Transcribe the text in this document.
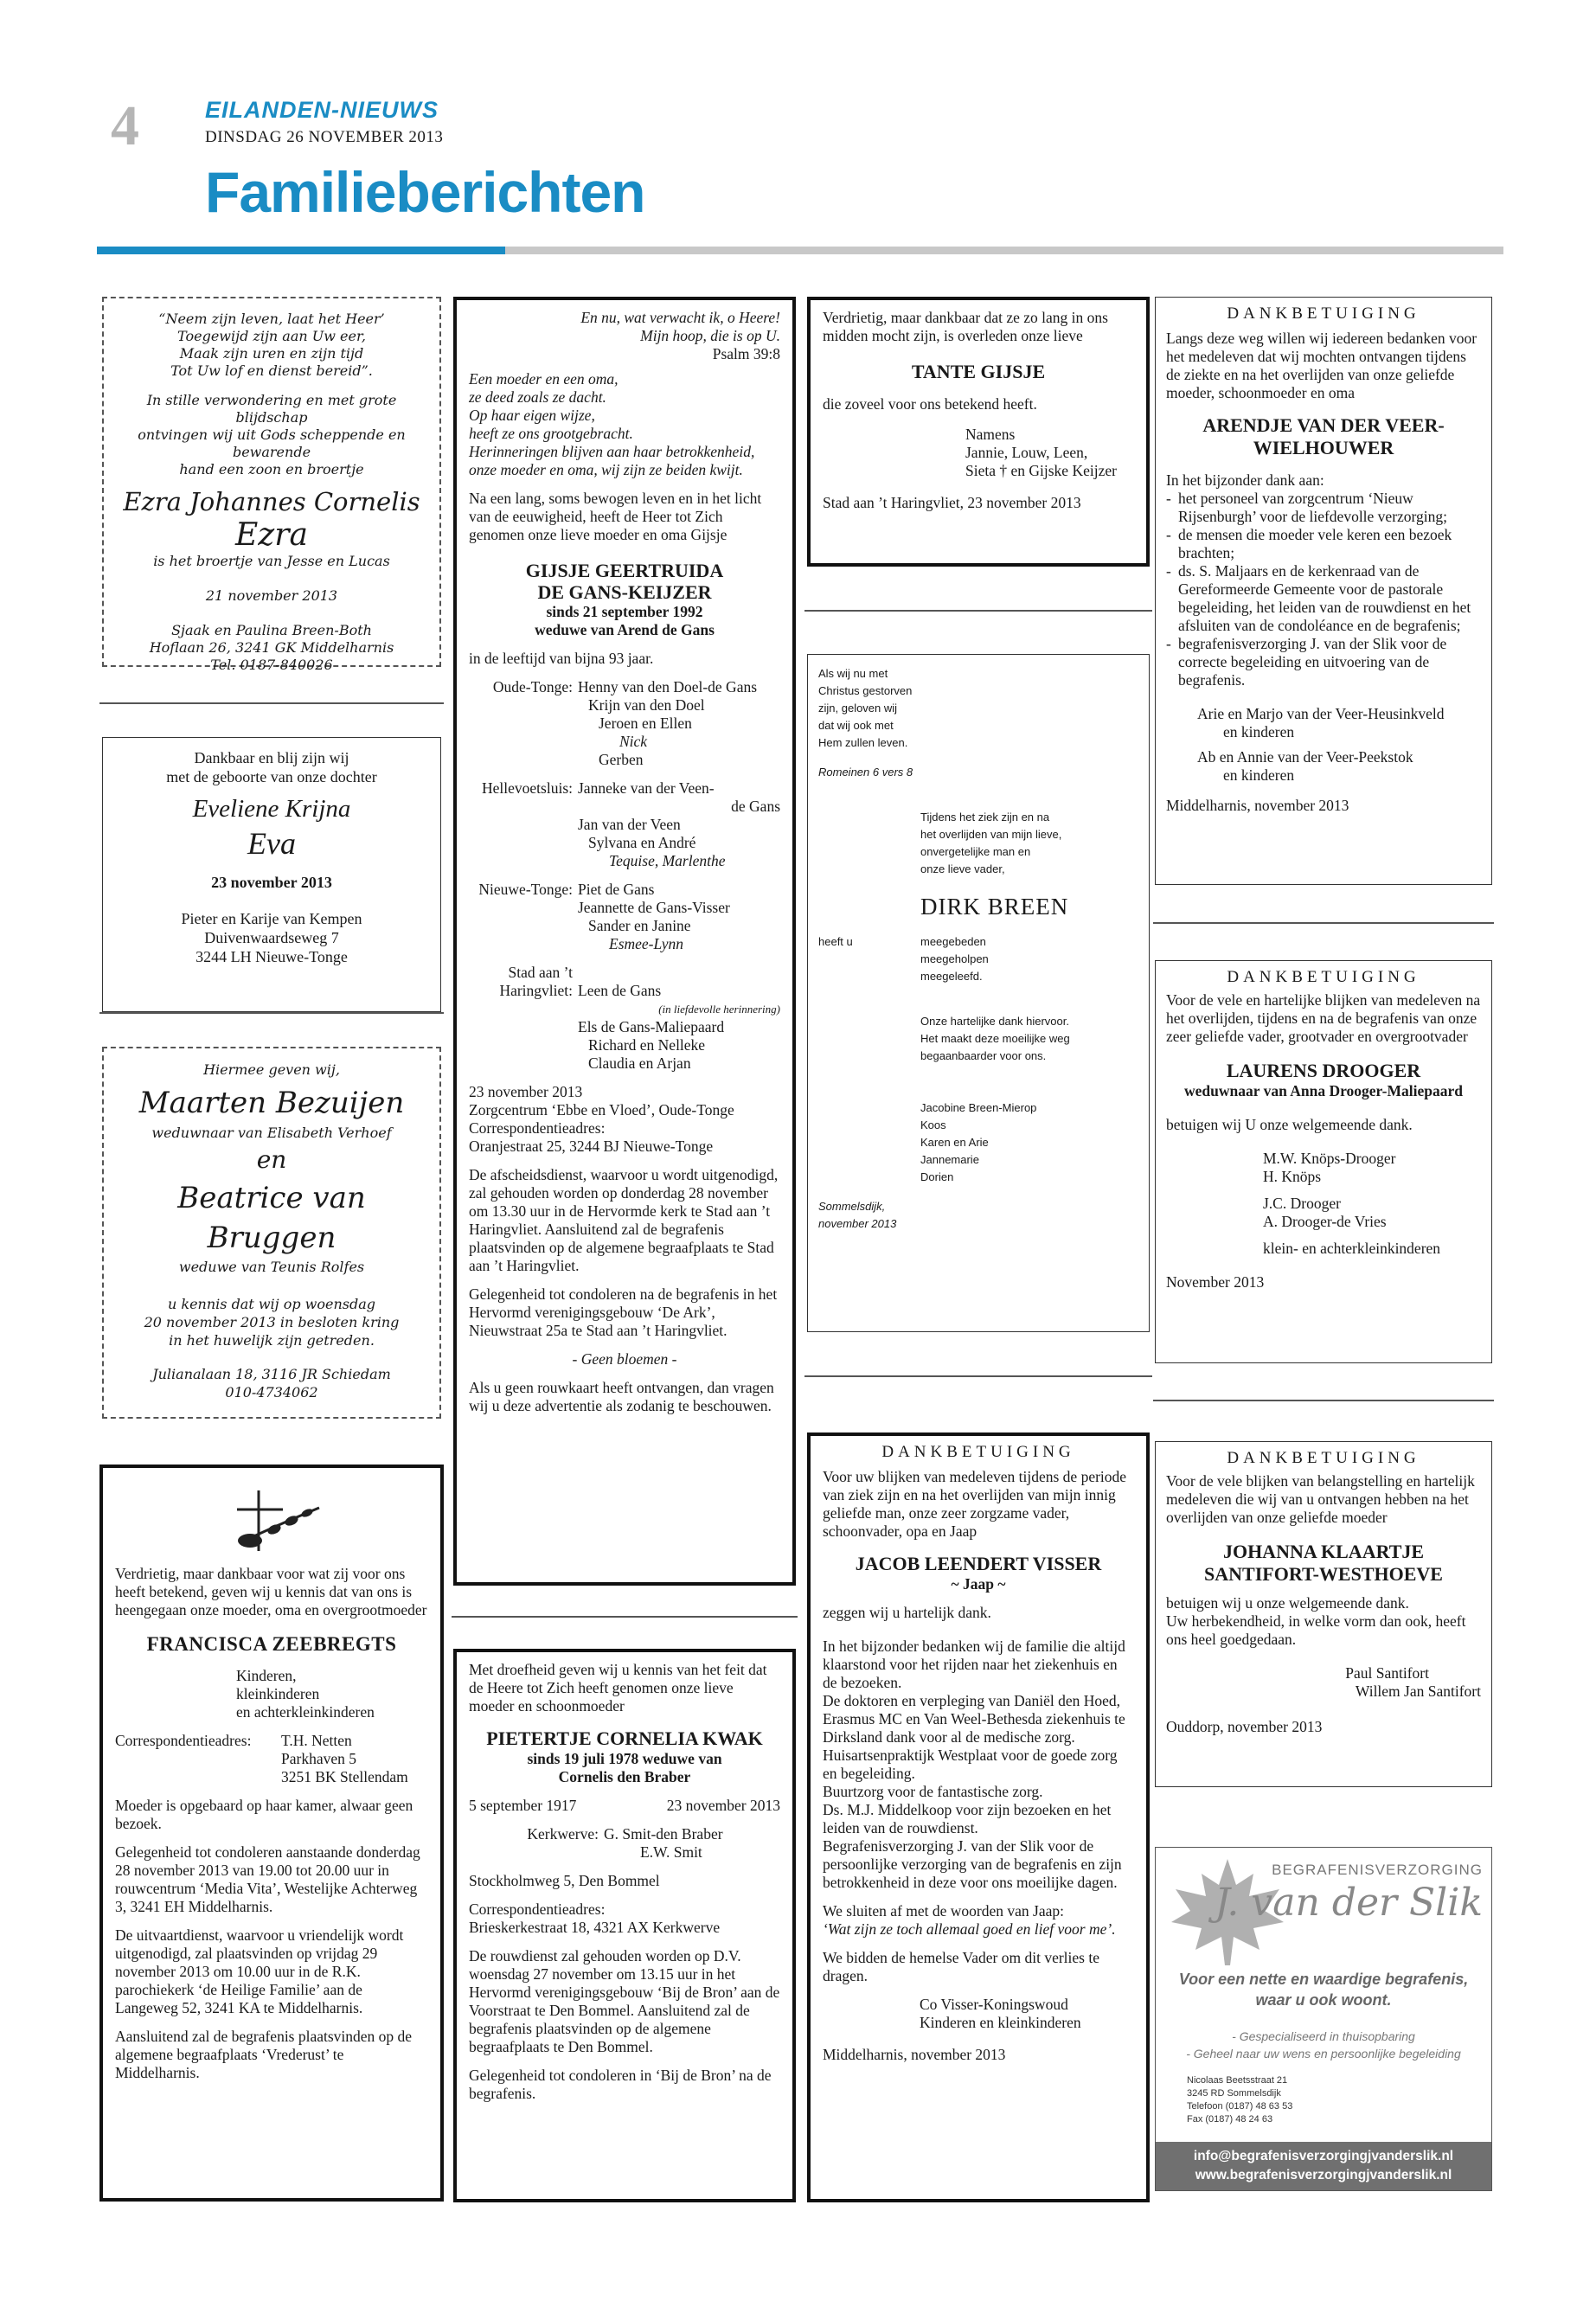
4	EILANDEN-NIEUWS
DINSDAG 26 NOVEMBER 2013
Familieberichten

“Neem zijn leven, laat het Heer’

Toegewijd zijn aan Uw eer,

Maak zijn uren en zijn tijd

Tot Uw lof en dienst bereid”.

In stille verwondering en met grote blijdschap

ontvingen wij uit Gods scheppende en bewarende

hand een zoon en broertje

Ezra Johannes Cornelis

Ezra

is het broertje van Jesse en Lucas

21 november 2013

Sjaak en Paulina Breen-Both

Hoflaan 26, 3241 GK Middelharnis

Tel. 0187-840026

Dankbaar en blij zijn wij

met de geboorte van onze dochter

Eveliene Krijna

Eva

23 november 2013

Pieter en Karije van Kempen

Duivenwaardseweg 7

3244 LH Nieuwe-Tonge

Hiermee geven wij,

Maarten Bezuijen

weduwnaar van Elisabeth Verhoef

en

Beatrice van Bruggen

weduwe van Teunis Rolfes

u kennis dat wij op woensdag

20 november 2013 in besloten kring

in het huwelijk zijn getreden.

Julianalaan 18, 3116 JR Schiedam

010-4734062

Verdrietig, maar dankbaar voor wat zij voor ons heeft betekend, geven wij u kennis dat van ons is heengegaan onze moeder, oma en overgrootmoeder

FRANCISCA ZEEBREGTS

Kinderen,

kleinkinderen

en achterkleinkinderen

Correspondentieadres:	T.H. Netten

Parkhaven 5

3251 BK Stellendam

Moeder is opgebaard op haar kamer, alwaar geen bezoek.

Gelegenheid tot condoleren aanstaande donderdag 28 november 2013 van 19.00 tot 20.00 uur in rouwcentrum ‘Media Vita’, Westelijke Achterweg 3, 3241 EH Middelharnis.

De uitvaartdienst, waarvoor u vriendelijk wordt uitgenodigd, zal plaatsvinden op vrijdag 29 november 2013 om 10.00 uur in de R.K. parochiekerk ‘de Heilige Familie’ aan de Langeweg 52, 3241 KA te Middelharnis.

Aansluitend zal de begrafenis plaatsvinden op de algemene begraafplaats ‘Vrederust’ te Middelharnis.

En nu, wat verwacht ik, o Heere!

Mijn hoop, die is op U.

Psalm 39:8

Een moeder en een oma,

ze deed zoals ze dacht.

Op haar eigen wijze,

heeft ze ons grootgebracht.

Herinneringen blijven aan haar betrokkenheid,

onze moeder en oma, wij zijn ze beiden kwijt.

Na een lang, soms bewogen leven en in het licht van de eeuwigheid, heeft de Heer tot Zich genomen onze lieve moeder en oma Gijsje

GIJSJE GEERTRUIDA

DE GANS-KEIJZER

sinds 21 september 1992

weduwe van Arend de Gans

in de leeftijd van bijna 93 jaar.

Oude-Tonge: Henny van den Doel-de Gans

Krijn van den Doel

Jeroen en Ellen

Nick

Gerben

Hellevoetsluis: Janneke van der Veen-

de Gans

Jan van der Veen

Sylvana en André

Tequise, Marlenthe

Nieuwe-Tonge: Piet de Gans

Jeannette de Gans-Visser

Sander en Janine

Esmee-Lynn

Stad aan ’t

Haringvliet: Leen de Gans

(in liefdevolle herinnering)

Els de Gans-Maliepaard

Richard en Nelleke

Claudia en Arjan

23 november 2013

Zorgcentrum ‘Ebbe en Vloed’, Oude-Tonge

Correspondentieadres:

Oranjestraat 25, 3244 BJ Nieuwe-Tonge

De afscheidsdienst, waarvoor u wordt uitgenodigd, zal gehouden worden op donderdag 28 november om 13.30 uur in de Hervormde kerk te Stad aan ’t Haringvliet. Aansluitend zal de begrafenis plaatsvinden op de algemene begraafplaats te Stad aan ’t Haringvliet.

Gelegenheid tot condoleren na de begrafenis in het Hervormd verenigingsgebouw ‘De Ark’, Nieuwstraat 25a te Stad aan ’t Haringvliet.

- Geen bloemen -

Als u geen rouwkaart heeft ontvangen, dan vragen wij u deze advertentie als zodanig te beschouwen.

Met droefheid geven wij u kennis van het feit dat de Heere tot Zich heeft genomen onze lieve moeder en schoonmoeder

PIETERTJE CORNELIA KWAK

sinds 19 juli 1978 weduwe van

Cornelis den Braber

5 september 1917	23 november 2013
Kerkwerve: G. Smit-den Braber

E.W. Smit

Stockholmweg 5, Den Bommel

Correspondentieadres:

Brieskerkestraat 18, 4321 AX Kerkwerve

De rouwdienst zal gehouden worden op D.V. woensdag 27 november om 13.15 uur in het Hervormd verenigingsgebouw ‘Bij de Bron’ aan de Voorstraat te Den Bommel. Aansluitend zal de begrafenis plaatsvinden op de algemene begraafplaats te Den Bommel.

Gelegenheid tot condoleren in ‘Bij de Bron’ na de begrafenis.

Verdrietig, maar dankbaar dat ze zo lang in ons midden mocht zijn, is overleden onze lieve

TANTE GIJSJE

die zoveel voor ons betekend heeft.

Namens

Jannie, Louw, Leen,

Sieta † en Gijske Keijzer

Stad aan ’t Haringvliet, 23 november 2013

Als wij nu met

Christus gestorven

zijn, geloven wij

dat wij ook met

Hem zullen leven.

Romeinen 6 vers 8

Tijdens het ziek zijn en na

het overlijden van mijn lieve,

onvergetelijke man en

onze lieve vader,

DIRK BREEN

heeft u	meegebeden

meegeholpen

meegeleefd.

Onze hartelijke dank hiervoor.

Het maakt deze moeilijke weg

begaanbaarder voor ons.

Jacobine Breen-Mierop

Koos

Karen en Arie

Jannemarie

Dorien

Sommelsdijk,

november 2013

DANKBETUIGING

Voor uw blijken van medeleven tijdens de periode van ziek zijn en na het overlijden van mijn innig geliefde man, onze zeer zorgzame vader, schoonvader, opa en Jaap

JACOB LEENDERT VISSER

~ Jaap ~

zeggen wij u hartelijk dank.

In het bijzonder bedanken wij de familie die altijd klaarstond voor het rijden naar het ziekenhuis en de bezoeken.

De doktoren en verpleging van Daniël den Hoed, Erasmus MC en Van Weel-Bethesda ziekenhuis te Dirksland dank voor al de medische zorg.

Huisartsenpraktijk Westplaat voor de goede zorg en begeleiding.

Buurtzorg voor de fantastische zorg.

Ds. M.J. Middelkoop voor zijn bezoeken en het leiden van de rouwdienst.

Begrafenisverzorging J. van der Slik voor de persoonlijke verzorging van de begrafenis en zijn betrokkenheid in deze voor ons moeilijke dagen.

We sluiten af met de woorden van Jaap:

‘Wat zijn ze toch allemaal goed en lief voor me’.

We bidden de hemelse Vader om dit verlies te dragen.

Co Visser-Koningswoud

Kinderen en kleinkinderen

Middelharnis, november 2013

DANKBETUIGING

Langs deze weg willen wij iedereen bedanken voor het medeleven dat wij mochten ontvangen tijdens de ziekte en na het overlijden van onze geliefde moeder, schoonmoeder en oma

ARENDJE VAN DER VEER-

WIELHOUWER

In het bijzonder dank aan:

- het personeel van zorgcentrum ‘Nieuw Rijsenburgh’ voor de liefdevolle verzorging;
- de mensen die moeder vele keren een bezoek brachten;
- ds. S. Maljaars en de kerkenraad van de Gereformeerde Gemeente voor de pastorale begeleiding, het leiden van de rouwdienst en het afsluiten van de condoléance en de begrafenis;
- begrafenisverzorging J. van der Slik voor de correcte begeleiding en uitvoering van de begrafenis.

Arie en Marjo van der Veer-Heusinkveld

en kinderen

Ab en Annie van der Veer-Peekstok

en kinderen

Middelharnis, november 2013

DANKBETUIGING

Voor de vele en hartelijke blijken van medeleven na het overlijden, tijdens en na de begrafenis van onze zeer geliefde vader, grootvader en overgrootvader

LAURENS DROOGER

weduwnaar van Anna Drooger-Maliepaard

betuigen wij U onze welgemeende dank.

M.W. Knöps-Drooger

H. Knöps

J.C. Drooger

A. Drooger-de Vries

klein- en achterkleinkinderen

November 2013

DANKBETUIGING

Voor de vele blijken van belangstelling en hartelijk medeleven die wij van u ontvangen hebben na het overlijden van onze geliefde moeder

JOHANNA KLAARTJE

SANTIFORT-WESTHOEVE

betuigen wij u onze welgemeende dank.

Uw herbekendheid, in welke vorm dan ook, heeft ons heel goedgedaan.

Paul Santifort

Willem Jan Santifort

Ouddorp, november 2013

BEGRAFENISVERZORGING
J. van der Slik

Voor een nette en waardige begrafenis,

waar u ook woont.

- Gespecialiseerd in thuisopbaring

- Geheel naar uw wens en persoonlijke begeleiding

Nicolaas Beetsstraat 21

3245 RD Sommelsdijk

Telefoon (0187) 48 63 53

Fax (0187) 48 24 63

info@begrafenisverzorgingjvanderslik.nl

www.begrafenisverzorgingjvanderslik.nl
